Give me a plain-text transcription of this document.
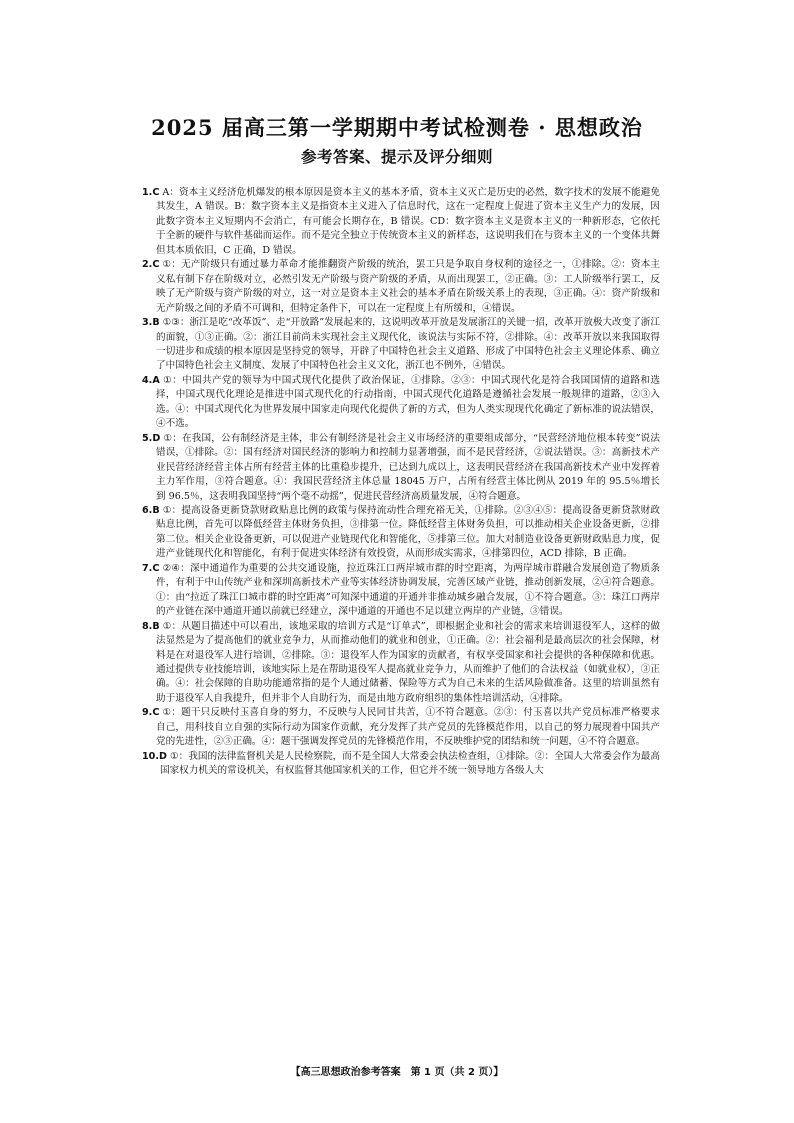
2025 届高三第一学期期中考试检测卷 · 思想政治
参考答案、提示及评分细则

1.C A：资本主义经济危机爆发的根本原因是资本主义的基本矛盾，资本主义灭亡是历史的必然，数字技术的发展不能避免其发生，A 错误。B：数字资本主义是指资本主义进入了信息时代，这在一定程度上促进了资本主义生产力的发展，因此数字资本主义短期内不会消亡，有可能会长期存在，B 错误。CD：数字资本主义是资本主义的一种新形态，它依托于全新的硬件与软件基础而运作。而不是完全独立于传统资本主义的新样态，这说明我们在与资本主义的一个变体共舞但其本质依旧，C 正确，D 错误。

2.C ①：无产阶级只有通过暴力革命才能推翻资产阶级的统治，罢工只是争取自身权利的途径之一，①排除。②：资本主义私有制下存在阶级对立，必然引发无产阶级与资产阶级的矛盾，从而出现罢工，②正确。③：工人阶级举行罢工，反映了无产阶级与资产阶级的对立，这一对立是资本主义社会的基本矛盾在阶级关系上的表现，③正确。④：资产阶级和无产阶级之间的矛盾不可调和，但特定条件下，可以在一定程度上有所缓和，④错误。

3.B ①③：浙江是吃“改革饭”、走“开放路”发展起来的，这说明改革开放是发展浙江的关键一招，改革开放极大改变了浙江的面貌，①③正确。②：浙江目前尚未实现社会主义现代化，该说法与实际不符，②排除。④：改革开放以来我国取得一切进步和成绩的根本原因是坚持党的领导，开辟了中国特色社会主义道路、形成了中国特色社会主义理论体系、确立了中国特色社会主义制度、发展了中国特色社会主义文化，浙江也不例外，④错误。

4.A ①：中国共产党的领导为中国式现代化提供了政治保证，①排除。②③：中国式现代化是符合我国国情的道路和选择，中国式现代化理论是推进中国式现代化的行动指南，中国式现代化道路是遵循社会发展一般规律的道路，②③入选。④：中国式现代化为世界发展中国家走向现代化提供了新的方式，但为人类实现现代化确定了新标准的说法错误，④不选。

5.D ①：在我国，公有制经济是主体，非公有制经济是社会主义市场经济的重要组成部分，“民营经济地位根本转变”说法错误，①排除。②：国有经济对国民经济的影响力和控制力显著增强，而不是民营经济，②说法错误。③：高新技术产业民营经济经营主体占所有经营主体的比重稳步提升，已达到九成以上，这表明民营经济在我国高新技术产业中发挥着主力军作用，③符合题意。④：我国民营经济主体总量 18045 万户，占所有经营主体比例从 2019 年的 95.5％增长到 96.5％，这表明我国坚持“两个毫不动摇”，促进民营经济高质量发展，④符合题意。

6.B ①：提高设备更新贷款财政贴息比例的政策与保持流动性合理充裕无关，①排除。②③④⑤：提高设备更新贷款财政贴息比例，首先可以降低经营主体财务负担，③排第一位。降低经营主体财务负担，可以推动相关企业设备更新，②排第二位。相关企业设备更新，可以促进产业链现代化和智能化，⑤排第三位。加大对制造业设备更新财政贴息力度，促进产业链现代化和智能化，有利于促进实体经济有效投资，从而形成实需求，④排第四位，ACD 排除，B 正确。

7.C ②④：深中通道作为重要的公共交通设施，拉近珠江口两岸城市群的时空距离，为两岸城市群融合发展创造了物质条件，有利于中山传统产业和深圳高新技术产业等实体经济协调发展，完善区域产业链，推动创新发展，②④符合题意。①：由“拉近了珠江口城市群的时空距离”可知深中通道的开通并非推动城乡融合发展，①不符合题意。③：珠江口两岸的产业链在深中通道开通以前就已经建立，深中通道的开通也不足以建立两岸的产业链，③错误。

8.B ①：从题目描述中可以看出，该地采取的培训方式是“订单式”，即根据企业和社会的需求来培训退役军人，这样的做法显然是为了提高他们的就业竞争力，从而推动他们的就业和创业，①正确。②：社会福利是最高层次的社会保障，材料是在对退役军人进行培训，②排除。③：退役军人作为国家的贡献者，有权享受国家和社会提供的各种保障和优惠。通过提供专业技能培训，该地实际上是在帮助退役军人提高就业竞争力，从而维护了他们的合法权益（如就业权），③正确。④：社会保障的自助功能通常指的是个人通过储蓄、保险等方式为自己未来的生活风险做准备。这里的培训虽然有助于退役军人自我提升，但并非个人自助行为，而是由地方政府组织的集体性培训活动，④排除。

9.C ①：题干只反映付玉喜自身的努力，不反映与人民同甘共苦，①不符合题意。②③：付玉喜以共产党员标准严格要求自己，用科技自立自强的实际行动为国家作贡献，充分发挥了共产党员的先锋模范作用，以自己的努力展现着中国共产党的先进性，②③正确。④：题干强调发挥党员的先锋模范作用，不反映维护党的团结和统一问题，④不符合题意。

10.D ①：我国的法律监督机关是人民检察院，而不是全国人大常委会执法检查组，①排除。②：全国人大常委会作为最高国家权力机关的常设机关，有权监督其他国家机关的工作，但它并不统一领导地方各级人大

【高三思想政治参考答案　第 1 页（共 2 页）】
